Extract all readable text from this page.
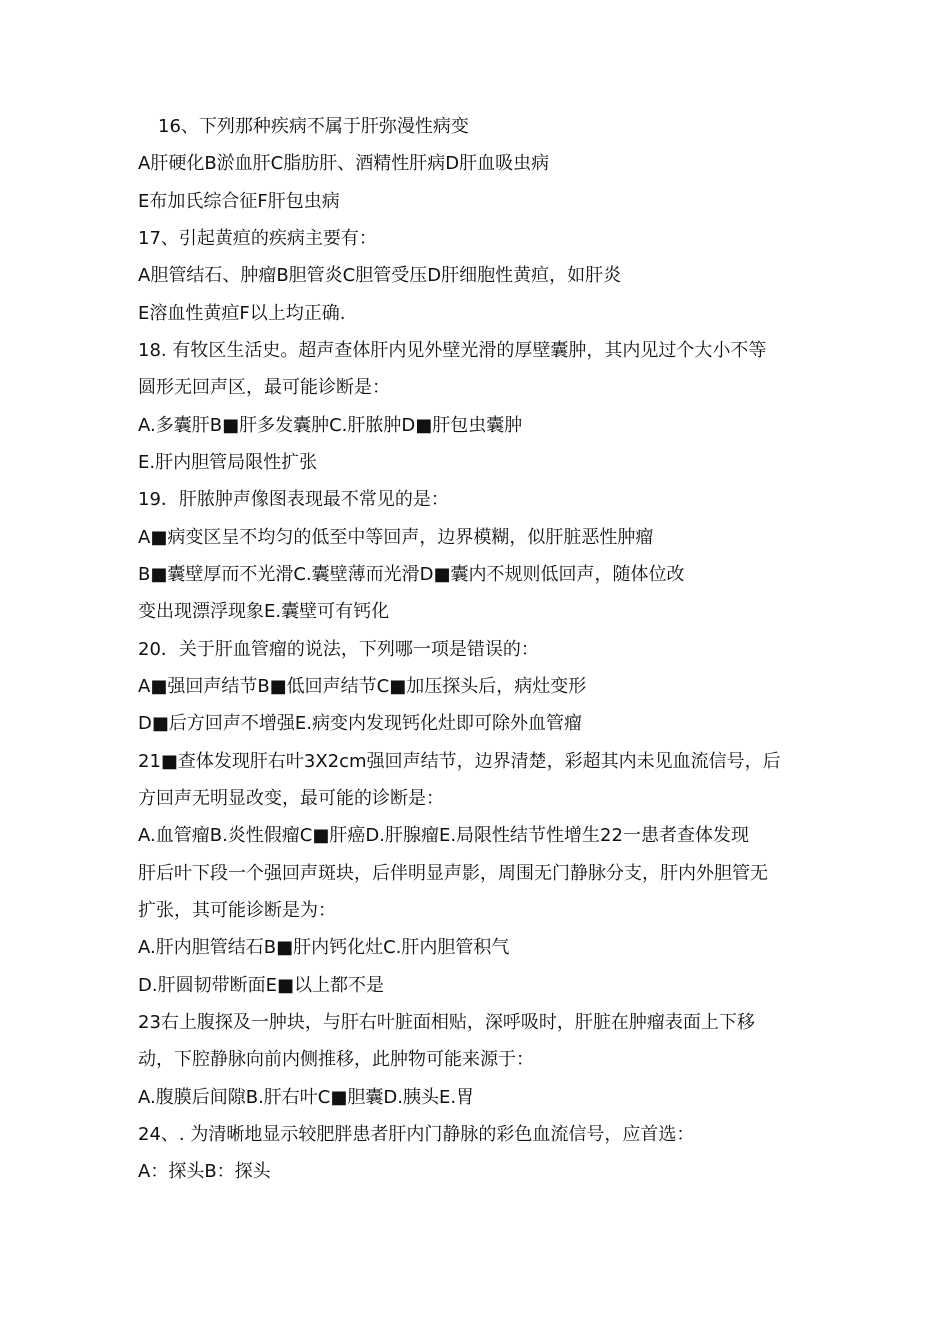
16、下列那种疾病不属于肝弥漫性病变
A肝硬化B淤血肝C脂肪肝、酒精性肝病D肝血吸虫病
E布加氏综合征F肝包虫病
17、引起黄疸的疾病主要有：
A胆管结石、肿瘤B胆管炎C胆管受压D肝细胞性黄疸，如肝炎
E溶血性黄疸F以上均正确.
18. 有牧区生活史。超声查体肝内见外壁光滑的厚壁囊肿，其内见过个大小不等
圆形无回声区，最可能诊断是：
A.多囊肝B■肝多发囊肿C.肝脓肿D■肝包虫囊肿
E.肝内胆管局限性扩张
19．肝脓肿声像图表现最不常见的是：
A■病变区呈不均匀的低至中等回声，边界模糊，似肝脏恶性肿瘤
B■囊壁厚而不光滑C.囊壁薄而光滑D■囊内不规则低回声，随体位改
变出现漂浮现象E.囊壁可有钙化
20．关于肝血管瘤的说法，下列哪一项是错误的：
A■强回声结节B■低回声结节C■加压探头后，病灶变形
D■后方回声不增强E.病变内发现钙化灶即可除外血管瘤
21■查体发现肝右叶3X2cm强回声结节，边界清楚，彩超其内未见血流信号，后
方回声无明显改变，最可能的诊断是：
A.血管瘤B.炎性假瘤C■肝癌D.肝腺瘤E.局限性结节性增生22一患者查体发现
肝后叶下段一个强回声斑块，后伴明显声影，周围无门静脉分支，肝内外胆管无
扩张，其可能诊断是为：
A.肝内胆管结石B■肝内钙化灶C.肝内胆管积气
D.肝圆韧带断面E■以上都不是
23右上腹探及一肿块，与肝右叶脏面相贴，深呼吸时，肝脏在肿瘤表面上下移
动，下腔静脉向前内侧推移，此肿物可能来源于：
A.腹膜后间隙B.肝右叶C■胆囊D.胰头E.胃
24、. 为清晰地显示较肥胖患者肝内门静脉的彩色血流信号，应首选：
A：探头B：探头
